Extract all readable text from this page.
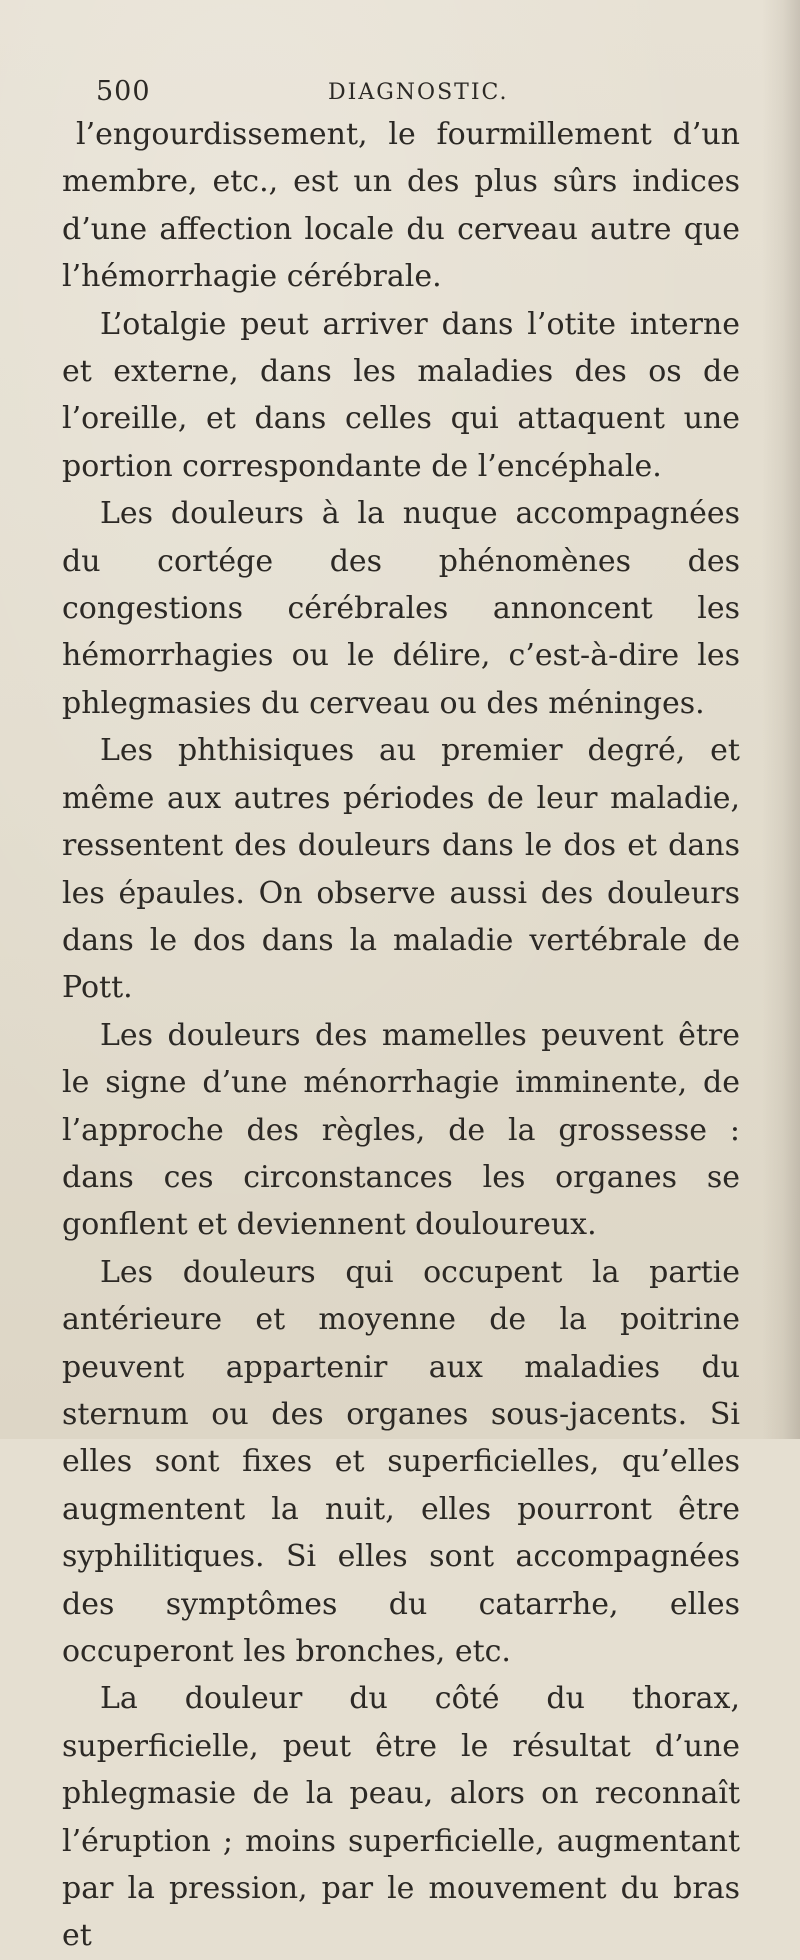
500	DIAGNOSTIC.

l’engourdissement, le fourmillement d’un membre, etc., est un des plus sûrs indices d’une affection locale du cerveau autre que l’hémorrhagie cérébrale.

L’otalgie peut arriver dans l’otite interne et externe, dans les maladies des os de l’oreille, et dans celles qui attaquent une portion correspondante de l’encéphale.

Les douleurs à la nuque accompagnées du cortége des phénomènes des congestions cérébrales annoncent les hémorrhagies ou le délire, c’est-à-dire les phlegmasies du cerveau ou des méninges.

Les phthisiques au premier degré, et même aux autres périodes de leur maladie, ressentent des douleurs dans le dos et dans les épaules. On observe aussi des douleurs dans le dos dans la maladie vertébrale de Pott.

Les douleurs des mamelles peuvent être le signe d’une ménorrhagie imminente, de l’approche des règles, de la grossesse : dans ces circonstances les organes se gonflent et deviennent douloureux.

Les douleurs qui occupent la partie antérieure et moyenne de la poitrine peuvent appartenir aux maladies du sternum ou des organes sous-jacents. Si elles sont fixes et superficielles, qu’elles augmentent la nuit, elles pourront être syphilitiques. Si elles sont accompagnées des symptômes du catarrhe, elles occuperont les bronches, etc.

La douleur du côté du thorax, superficielle, peut être le résultat d’une phlegmasie de la peau, alors on reconnaît l’éruption ; moins superficielle, augmentant par la pression, par le mouvement du bras et
